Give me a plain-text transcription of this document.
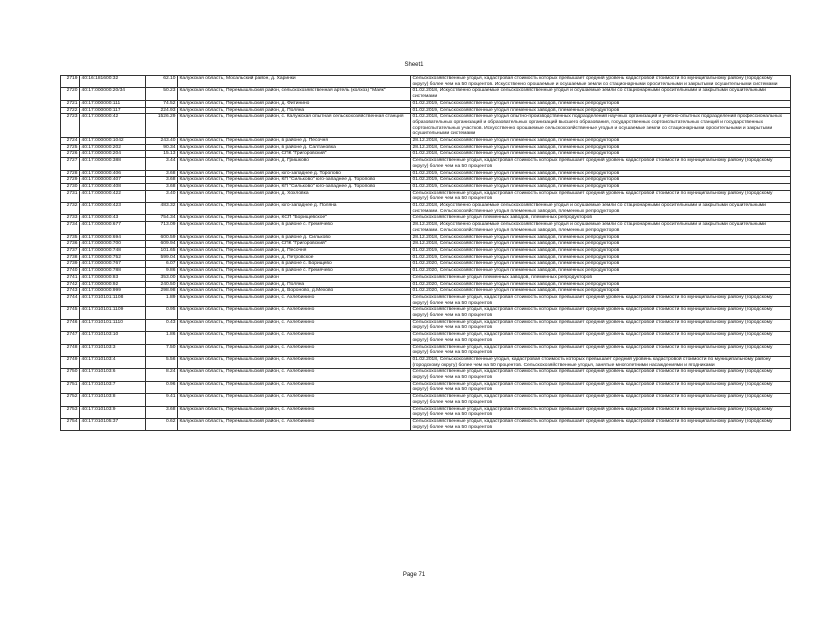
Sheet1
2719	40:16:181600:32	62.10	Калужская область, Мосальский район, д. Хаpинки	Сельскохозяйственные угодья, кадастровая стоимость которых превышает средний уровень кадастровой стоимости по муниципальному району (городскому округу) более чем на 50 процентов. Искусственно орошаемые и осушаемые земли со стационарными оросительными и закрытыми осушительными системами
2720	40:17:000000:20/34	50.23	Калужская область, Перемышльский район, сельскохозяйственная артель (колхоз) "Маяк"	01.02.2018, Искусственно орошаемые сельскохозяйственные угодья и осушаемые земли со стационарными оросительными и закрытыми осушительными системами
2721	40:17:000000:111	74.52	Калужская область, Перемышльский район, д. Фитинино	01.02.2019, Сельскохозяйственные угодья племенных заводов, племенных репродукторов
2722	40:17:000000:117	224.93	Калужская область, Перемышльский район, д. Полянa	01.02.2019, Сельскохозяйственные угодья племенных заводов, племенных репродукторов
2723	40:17:000000:42	1526.29	Калужская область, Перемышльский район, с. Калужская опытная сельскохозяйственная станция	01.02.2018, Сельскохозяйственные угодья опытно-производственных подразделений научных организаций и учебно-опытных подразделений профессиональных образовательных организаций и образовательных организаций высшего образования, государственных сортоиспытательных станций и государственных сортоиспытательных участков. Искусственно орошаемые сельскохозяйственные угодья и осушаемые земли со стационарными оросительными и закрытыми осушительными системами
2724	40:17:000000:1042	243.40	Калужская область, Перемышльский район, в районе д. Песочня	28.12.2018, Сельскохозяйственные угодья племенных заводов, племенных репродукторов
2725	40:17:000000:202	90.34	Калужская область, Перемышльский район, в районе д. Салтановка	28.12.2018, Сельскохозяйственные угодья племенных заводов, племенных репродукторов
2726	40:17:000000:204	15.13	Калужская область, Перемышльский район, СПК "Григоровский"	01.02.2018, Сельскохозяйственные угодья племенных заводов, племенных репродукторов
2727	40:17:000000:388	3.44	Калужская область, Перемышльский район, д. Гришково	Сельскохозяйственные угодья, кадастровая стоимость которых превышает средний уровень кадастровой стоимости по муниципальному району (городскому округу) более чем на 50 процентов
2728	40:17:000000:406	3.68	Калужская область, Перемышльский район, юго-западнее д. Торопово	01.02.2019, Сельскохозяйственные угодья племенных заводов, племенных репродукторов
2729	40:17:000000:407	3.68	Калужская область, Перемышльский район, КП "Сильково" юго-западнее д. Торопово	01.02.2019, Сельскохозяйственные угодья племенных заводов, племенных репродукторов
2730	40:17:000000:408	3.68	Калужская область, Перемышльский район, КП "Сильково" юго-западнее д. Торопово	01.02.2019, Сельскохозяйственные угодья племенных заводов, племенных репродукторов
2731	40:17:000000:422	3.40	Калужская область, Перемышльский район, д. Хохловка	Сельскохозяйственные угодья, кадастровая стоимость которых превышает средний уровень кадастровой стоимости по муниципальному району (городскому округу) более чем на 50 процентов
2732	40:17:000000:423	483.32	Калужская область, Перемышльский район, юго-западнее д. Поляна	01.02.2018, Искусственно орошаемые сельскохозяйственные угодья и осушаемые земли со стационарными оросительными и закрытыми осушительными системами. Сельскохозяйственные угодья племенных заводов, племенных репродукторов
2733	40:17:000000:43	754.34	Калужская область, Перемышльский район, КСП "Борищевское"	Сельскохозяйственные угодья племенных заводов, племенных репродукторов
2734	40:17:000000:677	713.09	Калужская область, Перемышльский район, в районе с. Гремячево	28.12.2018, Искусственно орошаемые сельскохозяйственные угодья и осушаемые земли со стационарными оросительными и закрытыми осушительными системами. Сельскохозяйственные угодья племенных заводов, племенных репродукторов
2735	40:17:000000:694	600.59	Калужская область, Перемышльский район, в районе д. Сильково	28.12.2018, Сельскохозяйственные угодья племенных заводов, племенных репродукторов
2736	40:17:000000:700	609.94	Калужская область, Перемышльский район, СПК "Григоровский"	28.12.2018, Сельскохозяйственные угодья племенных заводов, племенных репродукторов
2737	40:17:000000:748	101.65	Калужская область, Перемышльский район, д. Песочня	01.02.2019, Сельскохозяйственные угодья племенных заводов, племенных репродукторов
2738	40:17:000000:752	599.04	Калужская область, Перемышльский район, д. Петровское	01.02.2019, Сельскохозяйственные угодья племенных заводов, племенных репродукторов
2739	40:17:000000:767	6.07	Калужская область, Перемышльский район, в районе с. Борищево	01.02.2020, Сельскохозяйственные угодья племенных заводов, племенных репродукторов
2740	40:17:000000:788	9.86	Калужская область, Перемышльский район, в районе с. Гремячево	01.02.2020, Сельскохозяйственные угодья племенных заводов, племенных репродукторов
2741	40:17:000000:83	353.00	Калужская область, Перемышльский район	Сельскохозяйственные угодья племенных заводов, племенных репродукторов
2742	40:17:000000:92	240.50	Калужская область, Перемышльский район, д. Поляна	01.02.2020, Сельскохозяйственные угодья племенных заводов, племенных репродукторов
2743	40:17:000000:999	298.98	Калужская область, Перемышльский район, д. Вороново, д.Мехово	01.02.2020, Сельскохозяйственные угодья племенных заводов, племенных репродукторов
2744	40:17:010101:1108	1.89	Калужская область, Перемышльский район, с. Ахлебинино	Сельскохозяйственные угодья, кадастровая стоимость которых превышает средний уровень кадастровой стоимости по муниципальному району (городскому округу) более чем на 50 процентов
2745	40:17:010101:1109	0.95	Калужская область, Перемышльский район, с. Ахлебинино	Сельскохозяйственные угодья, кадастровая стоимость которых превышает средний уровень кадастровой стоимости по муниципальному району (городскому округу) более чем на 50 процентов
2746	40:17:010101:1110	0.43	Калужская область, Перемышльский район, с. Ахлебинино	Сельскохозяйственные угодья, кадастровая стоимость которых превышает средний уровень кадастровой стоимости по муниципальному району (городскому округу) более чем на 50 процентов
2747	40:17:010103:10	1.86	Калужская область, Перемышльский район, с. Ахлебинино	Сельскохозяйственные угодья, кадастровая стоимость которых превышает средний уровень кадастровой стоимости по муниципальному району (городскому округу) более чем на 50 процентов
2748	40:17:010103:3	7.50	Калужская область, Перемышльский район, с. Ахлебинино	Сельскохозяйственные угодья, кадастровая стоимость которых превышает средний уровень кадастровой стоимости по муниципальному району (городскому округу) более чем на 50 процентов
2749	40:17:010103:4	5.56	Калужская область, Перемышльский район, с. Ахлебинино	01.02.2018, Сельскохозяйственные угодья, кадастровая стоимость которых превышает средний уровень кадастровой стоимости по муниципальному району (городскому округу) более чем на 50 процентов. Сельскохозяйственные угодья, занятые многолетними насаждениями и ягодниками
2750	40:17:010103:6	8.24	Калужская область, Перемышльский район, с. Ахлебинино	Сельскохозяйственные угодья, кадастровая стоимость которых превышает средний уровень кадастровой стоимости по муниципальному району (городскому округу) более чем на 50 процентов
2751	40:17:010103:7	0.96	Калужская область, Перемышльский район, с. Ахлебинино	Сельскохозяйственные угодья, кадастровая стоимость которых превышает средний уровень кадастровой стоимости по муниципальному району (городскому округу) более чем на 50 процентов
2752	40:17:010103:8	9.41	Калужская область, Перемышльский район, с. Ахлебинино	Сельскохозяйственные угодья, кадастровая стоимость которых превышает средний уровень кадастровой стоимости по муниципальному району (городскому округу) более чем на 50 процентов
2753	40:17:010103:9	3.68	Калужская область, Перемышльский район, с. Ахлебинино	Сельскохозяйственные угодья, кадастровая стоимость которых превышает средний уровень кадастровой стоимости по муниципальному району (городскому округу) более чем на 50 процентов
2754	40:17:010105:37	0.62	Калужская область, Перемышльский район, с. Ахлебинино	Сельскохозяйственные угодья, кадастровая стоимость которых превышает средний уровень кадастровой стоимости по муниципальному району (городскому округу) более чем на 50 процентов
Page 71
